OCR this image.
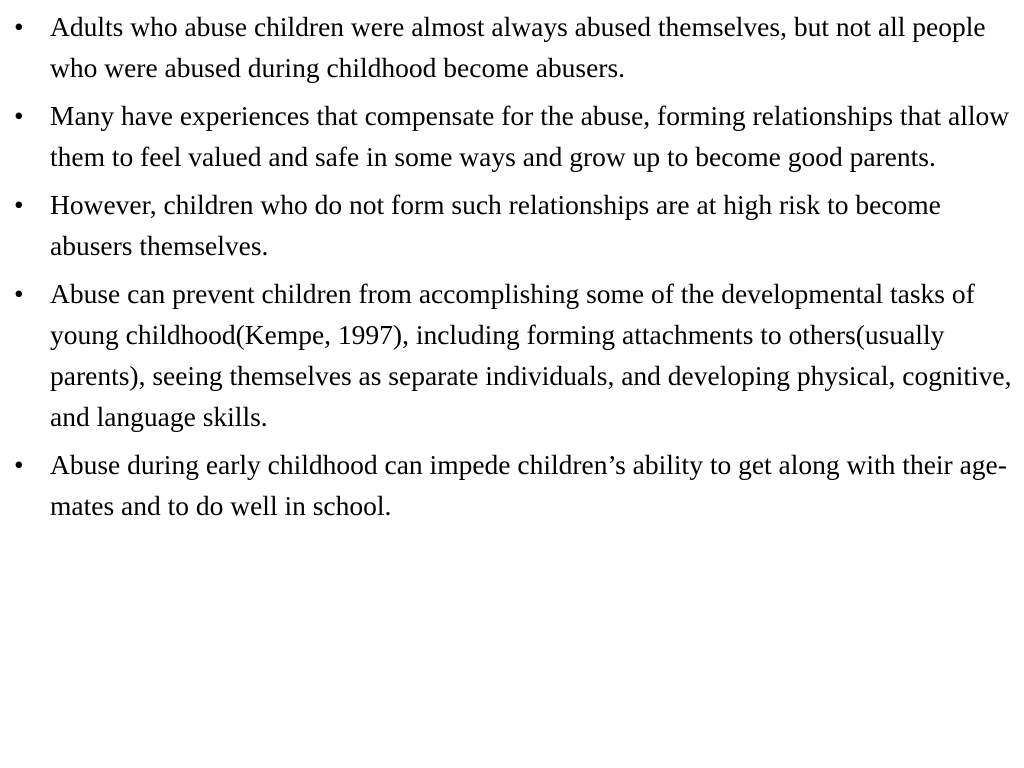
• Adults who abuse children were almost always abused themselves, but not all people who were abused during childhood become abusers.
• Many have experiences that compensate for the abuse, forming relationships that allow them to feel valued and safe in some ways and grow up to become good parents.
• However, children who do not form such relationships are at high risk to become abusers themselves.
• Abuse can prevent children from accomplishing some of the developmental tasks of young childhood(Kempe, 1997), including forming attachments to others(usually parents), seeing themselves as separate individuals, and developing physical, cognitive, and language skills.
• Abuse during early childhood can impede children’s ability to get along with their age-mates and to do well in school.
